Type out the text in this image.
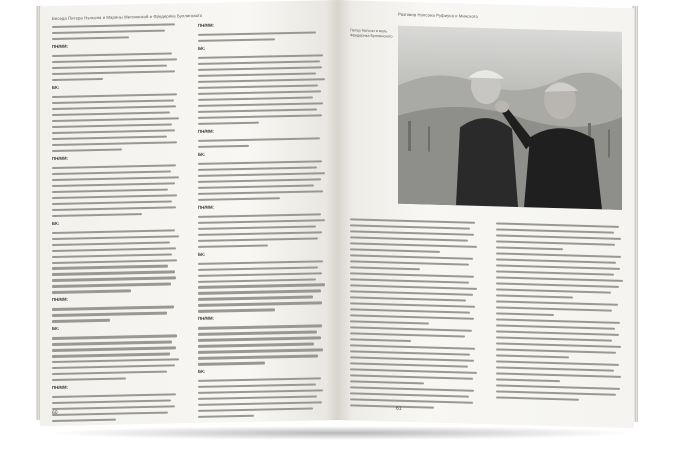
Беседа Питера Нэлсона и Марины Метлинской и Фредерика Буллинского

ПН/ММ:

БК:

ПН/ММ:

БК:

ПН/ММ:

БК:

ПН/ММ:

ПН/ММ:

БК:

ПН/ММ:

БК:

ПН/ММ:

БК:

ПН/ММ:

БК:

60
Разговор Нэлсона Руфиуса и Минского
Петер Нэлсон и мать Фредерика Буллинского
61
